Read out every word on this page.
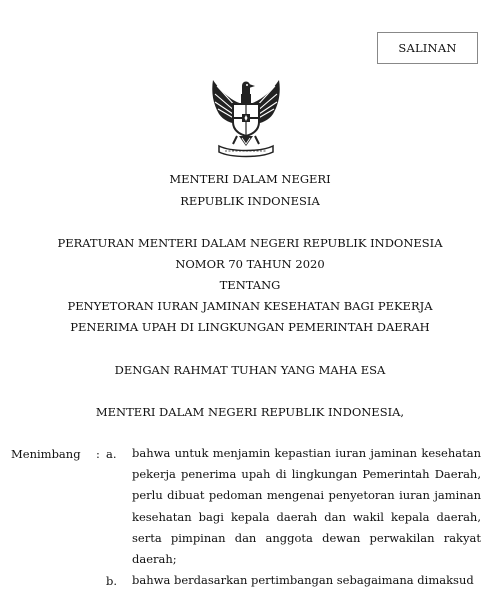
SALINAN
MENTERI DALAM NEGERI
REPUBLIK INDONESIA
PERATURAN MENTERI DALAM NEGERI REPUBLIK INDONESIA
NOMOR 70 TAHUN 2020
TENTANG
PENYETORAN IURAN JAMINAN KESEHATAN BAGI PEKERJA
PENERIMA UPAH DI LINGKUNGAN PEMERINTAH DAERAH
DENGAN RAHMAT TUHAN YANG MAHA ESA
MENTERI DALAM NEGERI REPUBLIK INDONESIA,
Menimbang : a. bahwa untuk menjamin kepastian iuran jaminan kesehatan pekerja penerima upah di lingkungan Pemerintah Daerah, perlu dibuat pedoman mengenai penyetoran iuran jaminan kesehatan bagi kepala daerah dan wakil kepala daerah, serta pimpinan dan anggota dewan perwakilan rakyat daerah;
b. bahwa berdasarkan pertimbangan sebagaimana dimaksud
